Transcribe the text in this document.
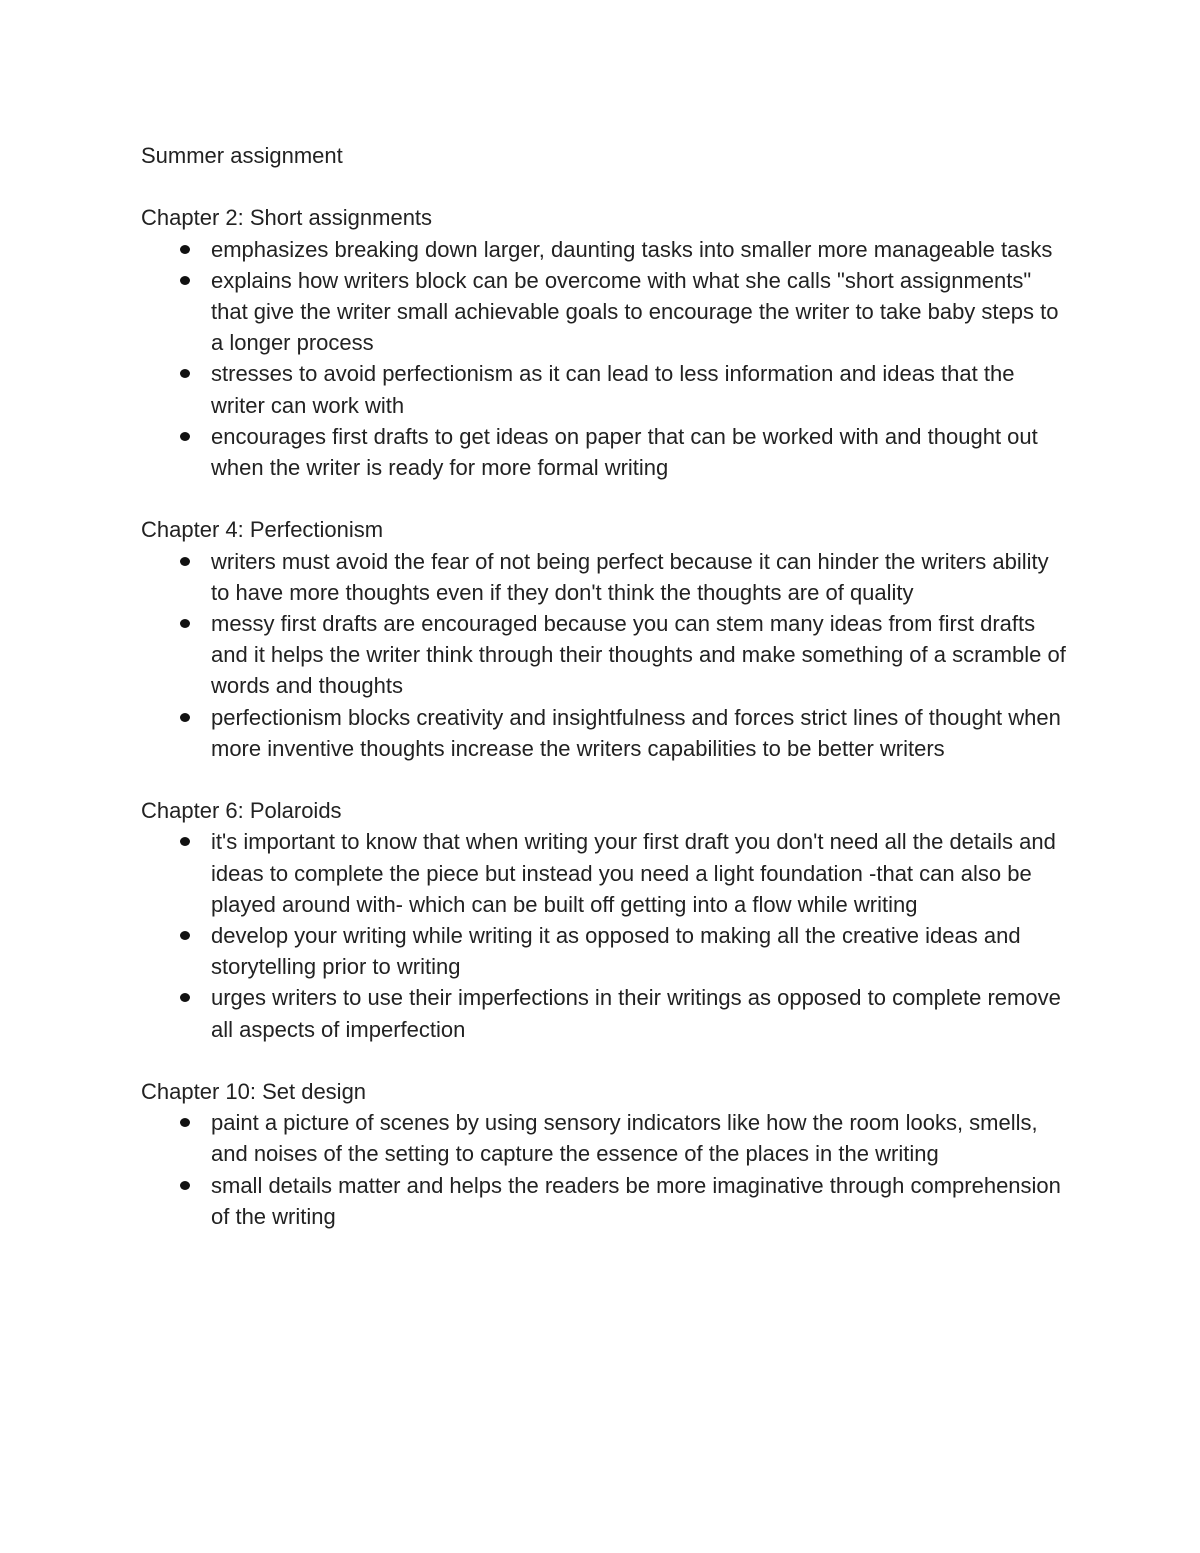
Summer assignment

Chapter 2: Short assignments

emphasizes breaking down larger, daunting tasks into smaller more manageable tasks
explains how writers block can be overcome with what she calls "short assignments" that give the writer small achievable goals to encourage the writer to take baby steps to a longer process
stresses to avoid perfectionism as it can lead to less information and ideas that the writer can work with
encourages first drafts to get ideas on paper that can be worked with and thought out when the writer is ready for more formal writing

Chapter 4: Perfectionism

writers must avoid the fear of not being perfect because it can hinder the writers ability to have more thoughts even if they don't think the thoughts are of quality
messy first drafts are encouraged because you can stem many ideas from first drafts and it helps the writer think through their thoughts and make something of a scramble of words and thoughts
perfectionism blocks creativity and insightfulness and forces strict lines of thought when more inventive thoughts increase the writers capabilities to be better writers

Chapter 6: Polaroids

it's important to know that when writing your first draft you don't need all the details and ideas to complete the piece but instead you need a light foundation -that can also be played around with- which can be built off getting into a flow while writing
develop your writing while writing it as opposed to making all the creative ideas and storytelling prior to writing
urges writers to use their imperfections in their writings as opposed to complete remove all aspects of imperfection

Chapter 10: Set design

paint a picture of scenes by using sensory indicators like how the room looks, smells, and noises of the setting to capture the essence of the places in the writing
small details matter and helps the readers be more imaginative through comprehension of the writing
